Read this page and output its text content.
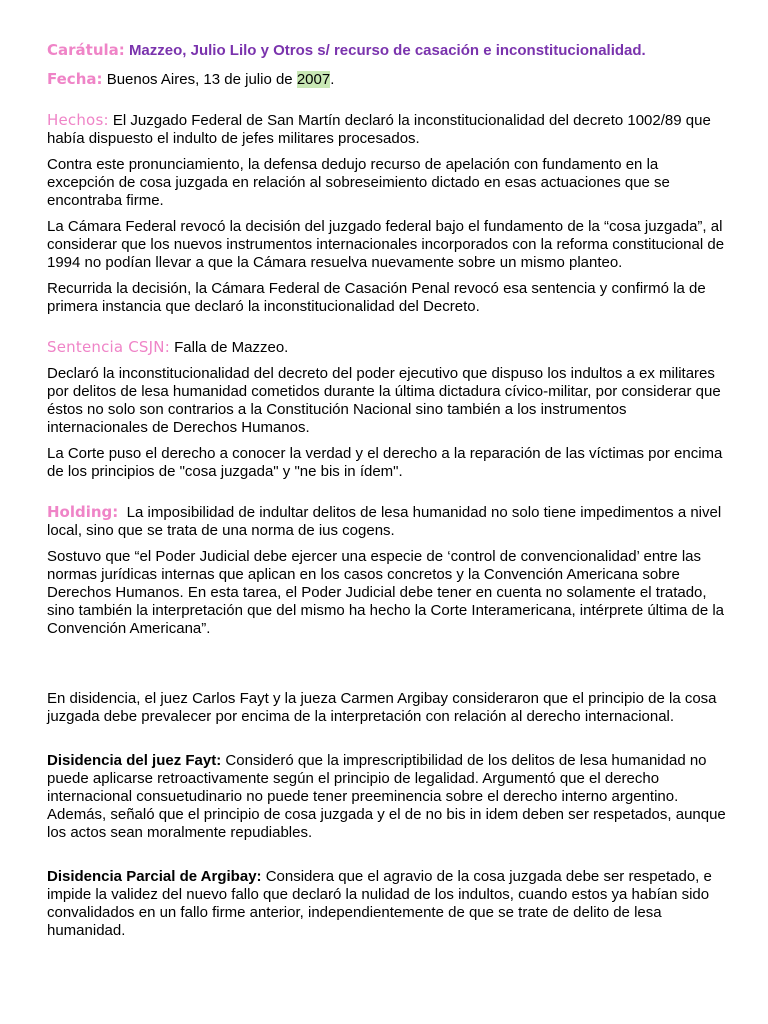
Carátula: Mazzeo, Julio Lilo y Otros s/ recurso de casación e inconstitucionalidad.

Fecha: Buenos Aires, 13 de julio de 2007.

Hechos: El Juzgado Federal de San Martín declaró la inconstitucionalidad del decreto 1002/89 que había dispuesto el indulto de jefes militares procesados.

Contra este pronunciamiento, la defensa dedujo recurso de apelación con fundamento en la excepción de cosa juzgada en relación al sobreseimiento dictado en esas actuaciones que se encontraba firme.

La Cámara Federal revocó la decisión del juzgado federal bajo el fundamento de la “cosa juzgada”, al considerar que los nuevos instrumentos internacionales incorporados con la reforma constitucional de 1994 no podían llevar a que la Cámara resuelva nuevamente sobre un mismo planteo.

Recurrida la decisión, la Cámara Federal de Casación Penal revocó esa sentencia y confirmó la de primera instancia que declaró la inconstitucionalidad del Decreto.

Sentencia CSJN: Falla de Mazzeo.

Declaró la inconstitucionalidad del decreto del poder ejecutivo que dispuso los indultos a ex militares por delitos de lesa humanidad cometidos durante la última dictadura cívico-militar, por considerar que éstos no solo son contrarios a la Constitución Nacional sino también a los instrumentos internacionales de Derechos Humanos.

La Corte puso el derecho a conocer la verdad y el derecho a la reparación de las víctimas por encima de los principios de "cosa juzgada" y "ne bis in ídem".

Holding: La imposibilidad de indultar delitos de lesa humanidad no solo tiene impedimentos a nivel local, sino que se trata de una norma de ius cogens.

Sostuvo que “el Poder Judicial debe ejercer una especie de ‘control de convencionalidad’ entre las normas jurídicas internas que aplican en los casos concretos y la Convención Americana sobre Derechos Humanos. En esta tarea, el Poder Judicial debe tener en cuenta no solamente el tratado, sino también la interpretación que del mismo ha hecho la Corte Interamericana, intérprete última de la Convención Americana”.

En disidencia, el juez Carlos Fayt y la jueza Carmen Argibay consideraron que el principio de la cosa juzgada debe prevalecer por encima de la interpretación con relación al derecho internacional.

Disidencia del juez Fayt: Consideró que la imprescriptibilidad de los delitos de lesa humanidad no puede aplicarse retroactivamente según el principio de legalidad. Argumentó que el derecho internacional consuetudinario no puede tener preeminencia sobre el derecho interno argentino. Además, señaló que el principio de cosa juzgada y el de no bis in idem deben ser respetados, aunque los actos sean moralmente repudiables.

Disidencia Parcial de Argibay: Considera que el agravio de la cosa juzgada debe ser respetado, e impide la validez del nuevo fallo que declaró la nulidad de los indultos, cuando estos ya habían sido convalidados en un fallo firme anterior, independientemente de que se trate de delito de lesa humanidad.
